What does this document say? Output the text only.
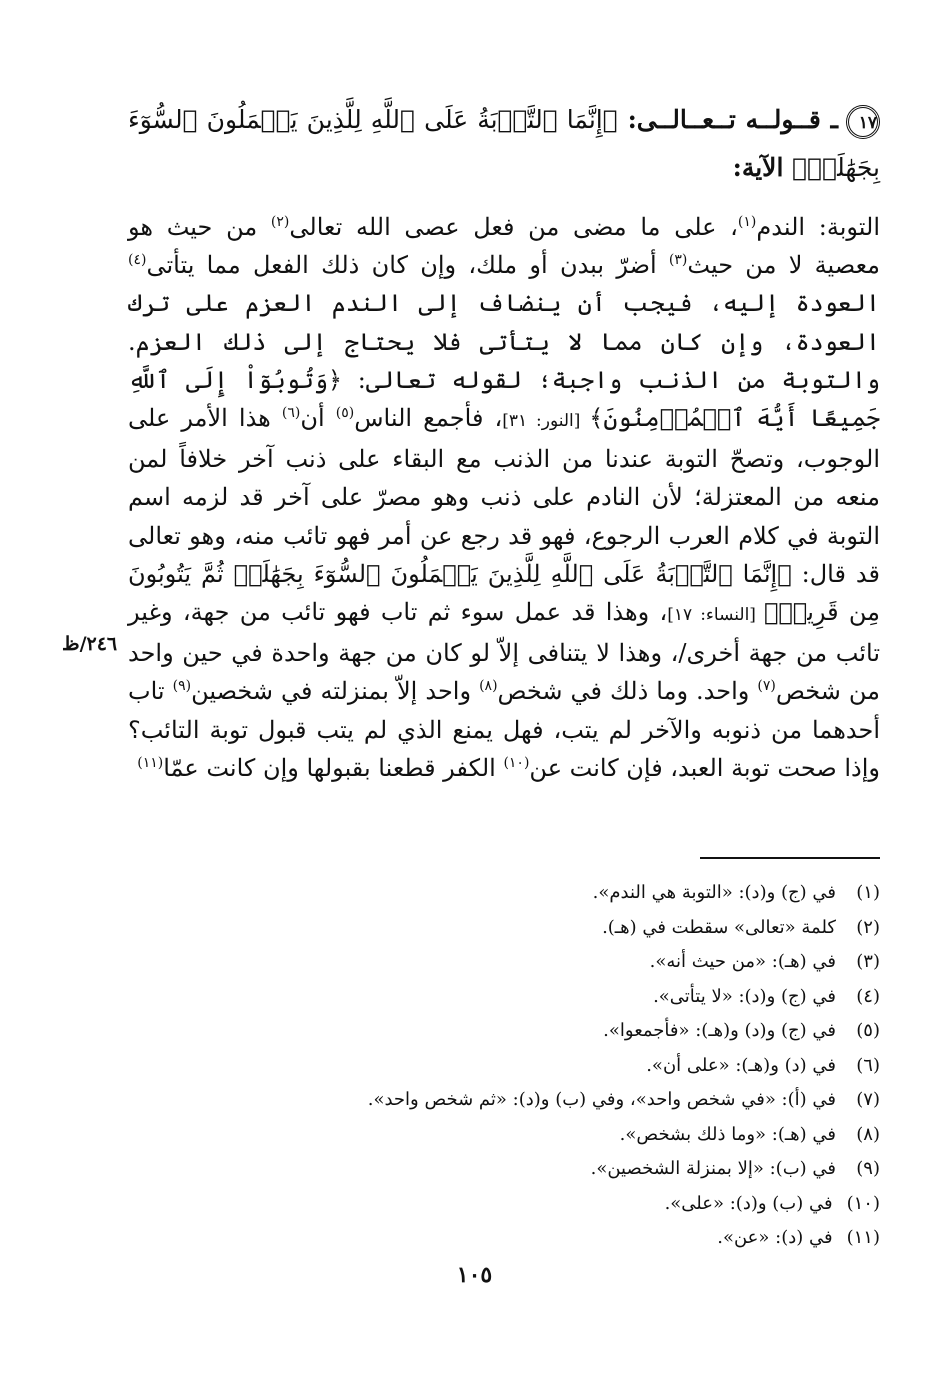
١٧ـ قــولــه تــعــالــى: ﴿إِنَّمَا ٱلتَّوۡبَةُ عَلَى ٱللَّهِ لِلَّذِينَ يَعۡمَلُونَ ٱلسُّوٓءَ بِجَهَٰلَةٖ﴾ الآية:
التوبة: الندم$^{(١)}$، على ما مضى من فعل عصى الله تعالى$^{(٢)}$ من حيث هو معصية لا من حيث$^{(٣)}$ أضرّ ببدن أو ملك، وإن كان ذلك الفعل مما يتأتى$^{(٤)}$ العودة إليه، فيجب أن ينضاف إلى الندم العزم على ترك العودة، وإن كان مما لا يتأتى فلا يحتاج إلى ذلك العزم. والتوبة من الذنب واجبة؛ لقوله تعالى: ﴿وَتُوبُوٓاْ إِلَى ٱللَّهِ جَمِيعًا أَيُّهَ ٱلۡمُؤۡمِنُونَ﴾ [النور: ٣١]، فأجمع الناس$^{(٥)}$ أن$^{(٦)}$ هذا الأمر على الوجوب، وتصحّ التوبة عندنا من الذنب مع البقاء على ذنب آخر خلافاً لمن منعه من المعتزلة؛ لأن النادم على ذنب وهو مصرّ على آخر قد لزمه اسم التوبة في كلام العرب الرجوع، فهو قد رجع عن أمر فهو تائب منه، وهو تعالى قد قال: ﴿إِنَّمَا ٱلتَّوۡبَةُ عَلَى ٱللَّهِ لِلَّذِينَ يَعۡمَلُونَ ٱلسُّوٓءَ بِجَهَٰلَةٖ ثُمَّ يَتُوبُونَ مِن قَرِيبٖ﴾ [النساء: ١٧]، وهذا قد عمل سوء ثم تاب فهو تائب من جهة، وغير تائب من جهة أخرى/، وهذا لا يتنافى إلاّ لو كان من جهة واحدة في حين واحد من شخص$^{(٧)}$ واحد. وما ذلك في شخص$^{(٨)}$ واحد إلاّ بمنزلته في شخصين$^{(٩)}$ تاب أحدهما من ذنوبه والآخر لم يتب، فهل يمنع الذي لم يتب قبول توبة التائب؟ وإذا صحت توبة العبد، فإن كانت عن$^{(١٠)}$ الكفر قطعنا بقبولها وإن كانت عمّا$^{(١١)}$
٢٤٦/ظ
(١)في (ج) و(د): «التوبة هي الندم».
(٢)كلمة «تعالى» سقطت في (هـ).
(٣)في (هـ): «من حيث أنه».
(٤)في (ج) و(د): «لا يتأتى».
(٥)في (ج) و(د) و(هـ): «فأجمعوا».
(٦)في (د) و(هـ): «على أن».
(٧)في (أ): «في شخص واحد»، وفي (ب) و(د): «ثم شخص واحد».
(٨)في (هـ): «وما ذلك بشخص».
(٩)في (ب): «إلا بمنزلة الشخصين».
(١٠)في (ب) و(د): «على».
(١١)في (د): «عن».
١٠٥
